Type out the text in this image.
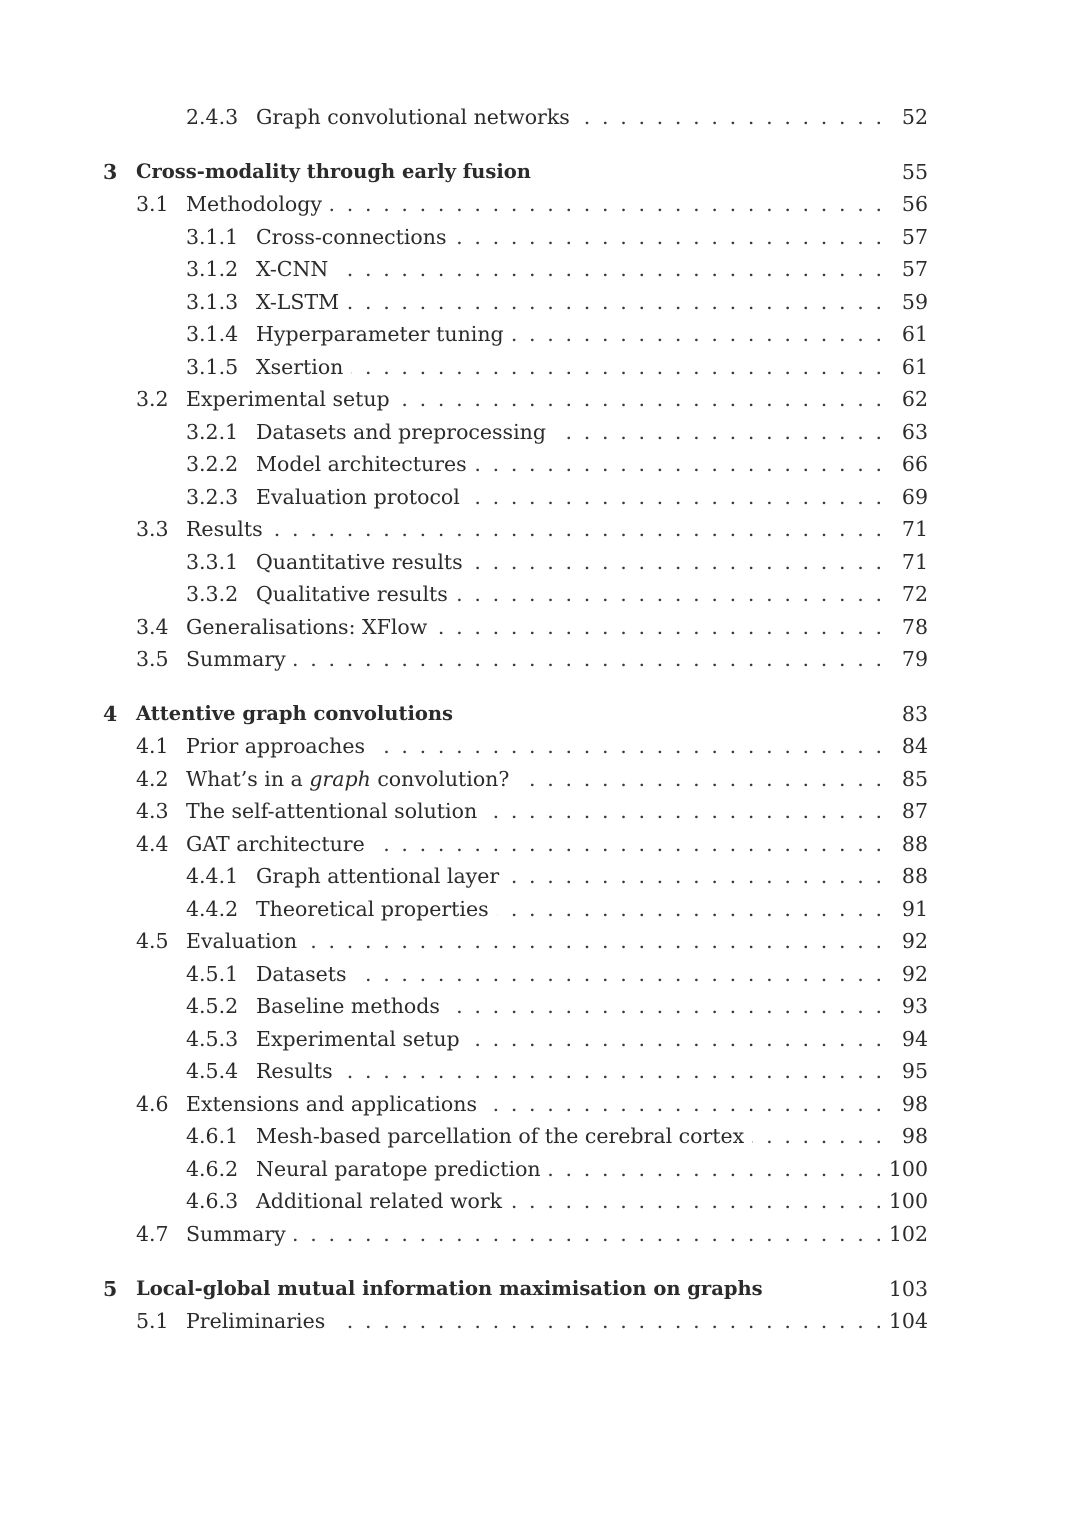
2.4.3 Graph convolutional networks . . .	52
3 Cross-modality through early fusion	55
3.1 Methodology . . .	56
3.1.1 Cross-connections . . .	57
3.1.2 X-CNN . . .	57
3.1.3 X-LSTM . . .	59
3.1.4 Hyperparameter tuning . . .	61
3.1.5 Xsertion . . .	61
3.2 Experimental setup . . .	62
3.2.1 Datasets and preprocessing . . .	63
3.2.2 Model architectures . . .	66
3.2.3 Evaluation protocol . . .	69
3.3 Results . . .	71
3.3.1 Quantitative results . . .	71
3.3.2 Qualitative results . . .	72
3.4 Generalisations: XFlow . . .	78
3.5 Summary . . .	79
4 Attentive graph convolutions	83
4.1 Prior approaches . . .	84
4.2 What’s in a graph convolution? . . .	85
4.3 The self-attentional solution . . .	87
4.4 GAT architecture . . .	88
4.4.1 Graph attentional layer . . .	88
4.4.2 Theoretical properties . . .	91
4.5 Evaluation . . .	92
4.5.1 Datasets . . .	92
4.5.2 Baseline methods . . .	93
4.5.3 Experimental setup . . .	94
4.5.4 Results . . .	95
4.6 Extensions and applications . . .	98
4.6.1 Mesh-based parcellation of the cerebral cortex . . .	98
4.6.2 Neural paratope prediction . . .	100
4.6.3 Additional related work . . .	100
4.7 Summary . . .	102
5 Local-global mutual information maximisation on graphs	103
5.1 Preliminaries . . .	104
